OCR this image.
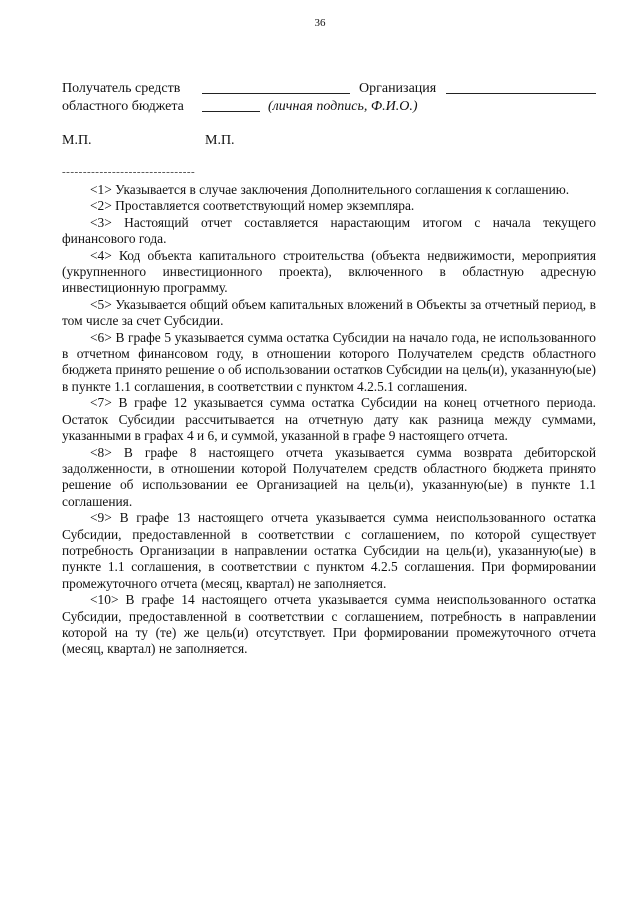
36
Получатель средств	Организация
областного бюджета	(личная подпись, Ф.И.О.)
М.П.	М.П.
--------------------------------

<1> Указывается в случае заключения Дополнительного соглашения к соглашению.

<2> Проставляется соответствующий номер экземпляра.

<3> Настоящий отчет составляется нарастающим итогом с начала текущего финансового года.

<4> Код объекта капитального строительства (объекта недвижимости, мероприятия (укрупненного инвестиционного проекта), включенного в областную адресную инвестиционную программу.

<5> Указывается общий объем капитальных вложений в Объекты за отчетный период, в том числе за счет Субсидии.

<6> В графе 5 указывается сумма остатка Субсидии на начало года, не использованного в отчетном финансовом году, в отношении которого Получателем средств областного бюджета принято решение о об использовании остатков Субсидии на цель(и), указанную(ые) в пункте 1.1 соглашения, в соответствии с пунктом 4.2.5.1 соглашения.

<7> В графе 12 указывается сумма остатка Субсидии на конец отчетного периода. Остаток Субсидии рассчитывается на отчетную дату как разница между суммами, указанными в графах 4 и 6, и суммой, указанной в графе 9 настоящего отчета.

<8> В графе 8 настоящего отчета указывается сумма возврата дебиторской задолженности, в отношении которой Получателем средств областного бюджета принято решение об использовании ее Организацией на цель(и), указанную(ые) в пункте 1.1 соглашения.

<9> В графе 13 настоящего отчета указывается сумма неиспользованного остатка Субсидии, предоставленной в соответствии с соглашением, по которой существует потребность Организации в направлении остатка Субсидии на цель(и), указанную(ые) в пункте 1.1 соглашения, в соответствии с пунктом 4.2.5 соглашения. При формировании промежуточного отчета (месяц, квартал) не заполняется.

<10> В графе 14 настоящего отчета указывается сумма неиспользованного остатка Субсидии, предоставленной в соответствии с соглашением, потребность в направлении которой на ту (те) же цель(и) отсутствует. При формировании промежуточного отчета (месяц, квартал) не заполняется.
